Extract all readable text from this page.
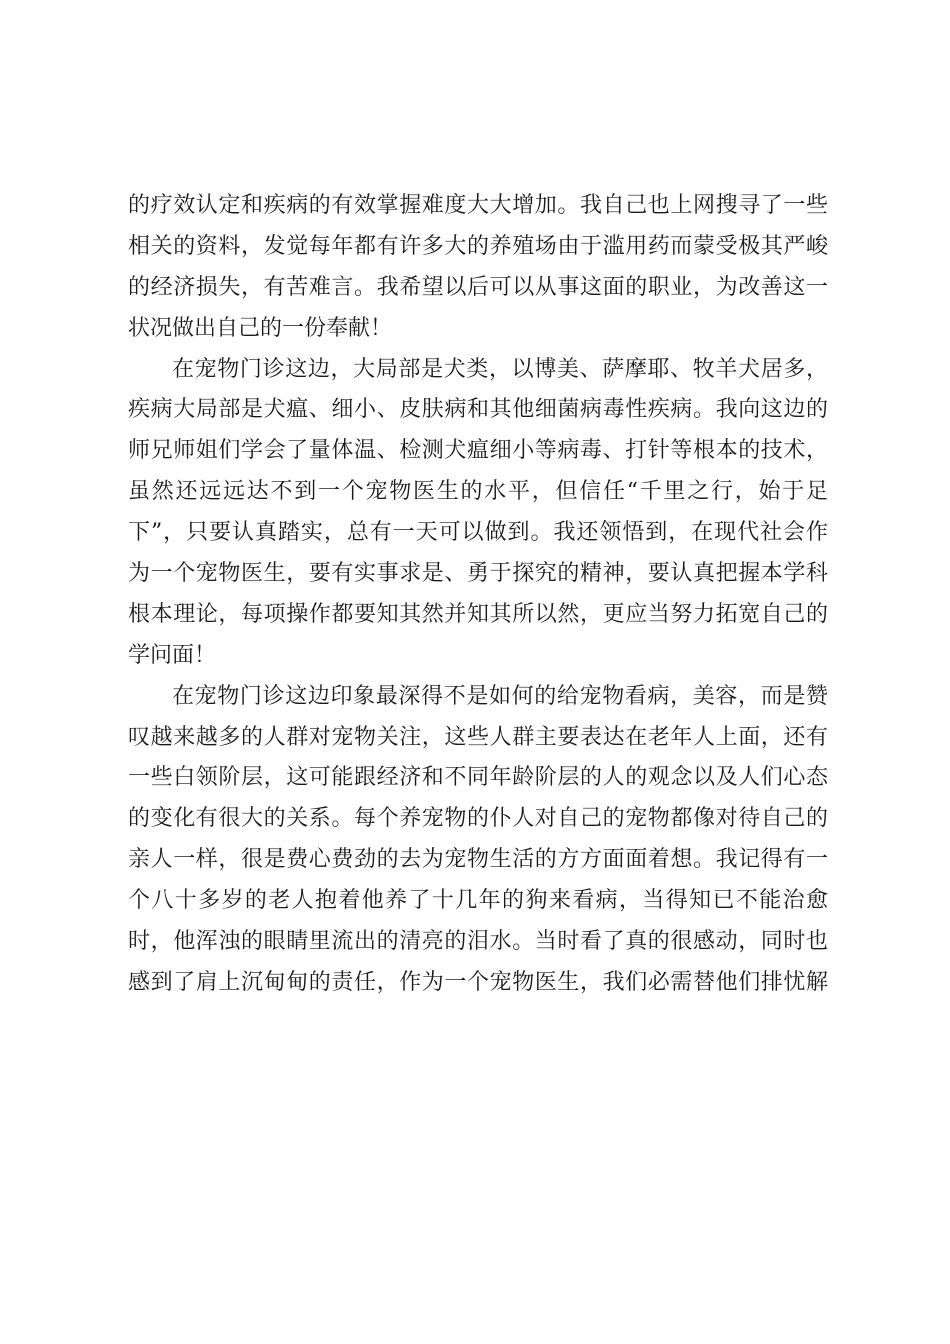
的疗效认定和疾病的有效掌握难度大大增加。我自己也上网搜寻了一些
相关的资料，发觉每年都有许多大的养殖场由于滥用药而蒙受极其严峻
的经济损失，有苦难言。我希望以后可以从事这面的职业，为改善这一
状况做出自己的一份奉献！
在宠物门诊这边，大局部是犬类，以博美、萨摩耶、牧羊犬居多，
疾病大局部是犬瘟、细小、皮肤病和其他细菌病毒性疾病。我向这边的
师兄师姐们学会了量体温、检测犬瘟细小等病毒、打针等根本的技术，
虽然还远远达不到一个宠物医生的水平，但信任“千里之行，始于足
下”，只要认真踏实，总有一天可以做到。我还领悟到，在现代社会作
为一个宠物医生，要有实事求是、勇于探究的精神，要认真把握本学科
根本理论，每项操作都要知其然并知其所以然，更应当努力拓宽自己的
学问面！
在宠物门诊这边印象最深得不是如何的给宠物看病，美容，而是赞
叹越来越多的人群对宠物关注，这些人群主要表达在老年人上面，还有
一些白领阶层，这可能跟经济和不同年龄阶层的人的观念以及人们心态
的变化有很大的关系。每个养宠物的仆人对自己的宠物都像对待自己的
亲人一样，很是费心费劲的去为宠物生活的方方面面着想。我记得有一
个八十多岁的老人抱着他养了十几年的狗来看病，当得知已不能治愈
时，他浑浊的眼睛里流出的清亮的泪水。当时看了真的很感动，同时也
感到了肩上沉甸甸的责任，作为一个宠物医生，我们必需替他们排忧解
